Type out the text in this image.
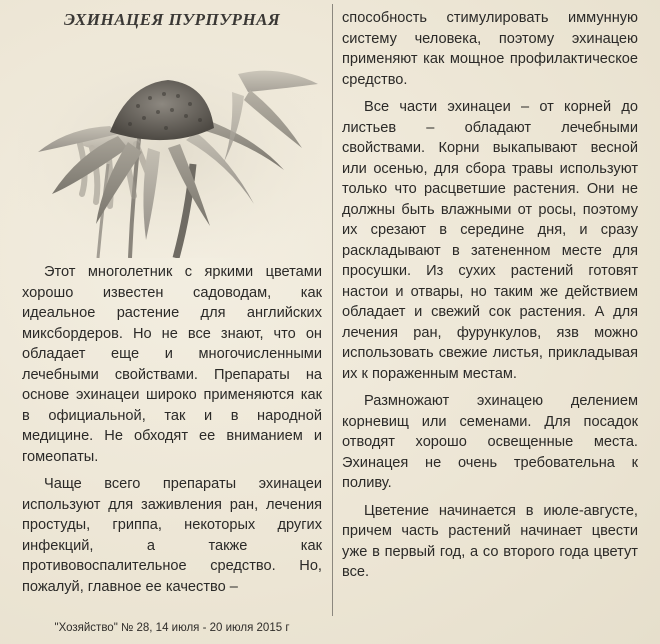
ЭХИНАЦЕЯ ПУРПУРНАЯ

Этот многолетник с яркими цветами хорошо известен садоводам, как идеальное растение для английских миксбордеров. Но не все знают, что он обладает еще и многочисленными лечебными свойствами. Препараты на основе эхинацеи широко применяются как в официальной, так и в народной медицине. Не обходят ее вниманием и гомеопаты.

Чаще всего препараты эхинацеи используют для заживления ран, лечения простуды, гриппа, некоторых других инфекций, а также как противовоспалительное средство. Но, пожалуй, главное ее качество –

способность стимулировать иммунную систему человека, поэтому эхинацею применяют как мощное профилактическое средство.

Все части эхинацеи – от корней до листьев – обладают лечебными свойствами. Корни выкапывают весной или осенью, для сбора травы используют только что расцветшие растения. Они не должны быть влажными от росы, поэтому их срезают в середине дня, и сразу раскладывают в затененном месте для просушки. Из сухих растений готовят настои и отвары, но таким же действием обладает и свежий сок растения. А для лечения ран, фурункулов, язв можно использовать свежие листья, прикладывая их к пораженным местам.

Размножают эхинацею делением корневищ или семенами. Для посадок отводят хорошо освещенные места. Эхинацея не очень требовательна к поливу.

Цветение начинается в июле-августе, причем часть растений начинает цвести уже в первый год, а со второго года цветут все.

"Хозяйство" № 28, 14 июля - 20 июля 2015 г
